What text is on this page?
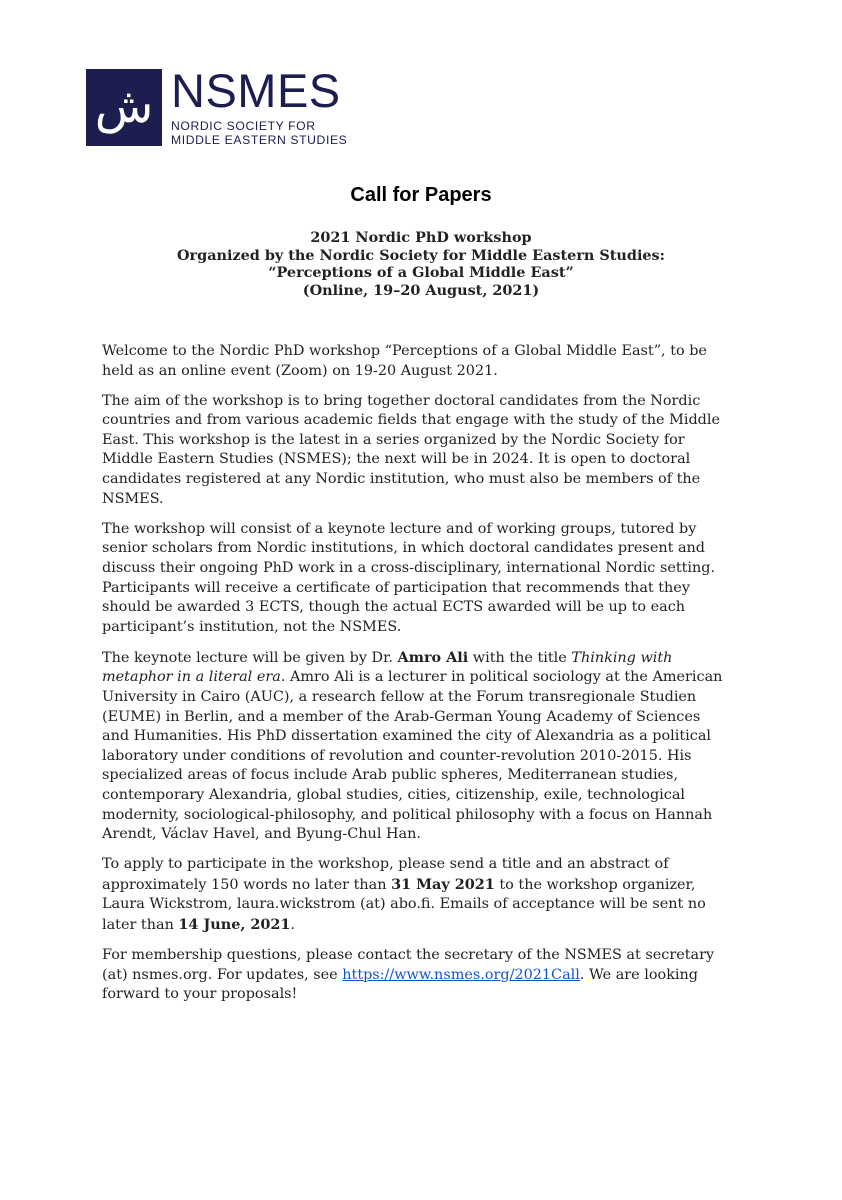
ش NSMES
NORDIC SOCIETY FOR
MIDDLE EASTERN STUDIES
Call for Papers
2021 Nordic PhD workshop
Organized by the Nordic Society for Middle Eastern Studies:
“Perceptions of a Global Middle East”
(Online, 19–20 August, 2021)

Welcome to the Nordic PhD workshop “Perceptions of a Global Middle East”, to be
held as an online event (Zoom) on 19-20 August 2021.

The aim of the workshop is to bring together doctoral candidates from the Nordic
countries and from various academic fields that engage with the study of the Middle
East. This workshop is the latest in a series organized by the Nordic Society for
Middle Eastern Studies (NSMES); the next will be in 2024. It is open to doctoral
candidates registered at any Nordic institution, who must also be members of the
NSMES.

The workshop will consist of a keynote lecture and of working groups, tutored by
senior scholars from Nordic institutions, in which doctoral candidates present and
discuss their ongoing PhD work in a cross-disciplinary, international Nordic setting.
Participants will receive a certificate of participation that recommends that they
should be awarded 3 ECTS, though the actual ECTS awarded will be up to each
participant’s institution, not the NSMES.

The keynote lecture will be given by Dr. Amro Ali with the title Thinking with
metaphor in a literal era. Amro Ali is a lecturer in political sociology at the American
University in Cairo (AUC), a research fellow at the Forum transregionale Studien
(EUME) in Berlin, and a member of the Arab-German Young Academy of Sciences
and Humanities. His PhD dissertation examined the city of Alexandria as a political
laboratory under conditions of revolution and counter-revolution 2010-2015. His
specialized areas of focus include Arab public spheres, Mediterranean studies,
contemporary Alexandria, global studies, cities, citizenship, exile, technological
modernity, sociological-philosophy, and political philosophy with a focus on Hannah
Arendt, Václav Havel, and Byung-Chul Han.

To apply to participate in the workshop, please send a title and an abstract of
approximately 150 words no later than 31 May 2021 to the workshop organizer,
Laura Wickstrom, laura.wickstrom (at) abo.fi. Emails of acceptance will be sent no
later than 14 June, 2021.

For membership questions, please contact the secretary of the NSMES at secretary
(at) nsmes.org. For updates, see https://www.nsmes.org/2021Call. We are looking
forward to your proposals!
